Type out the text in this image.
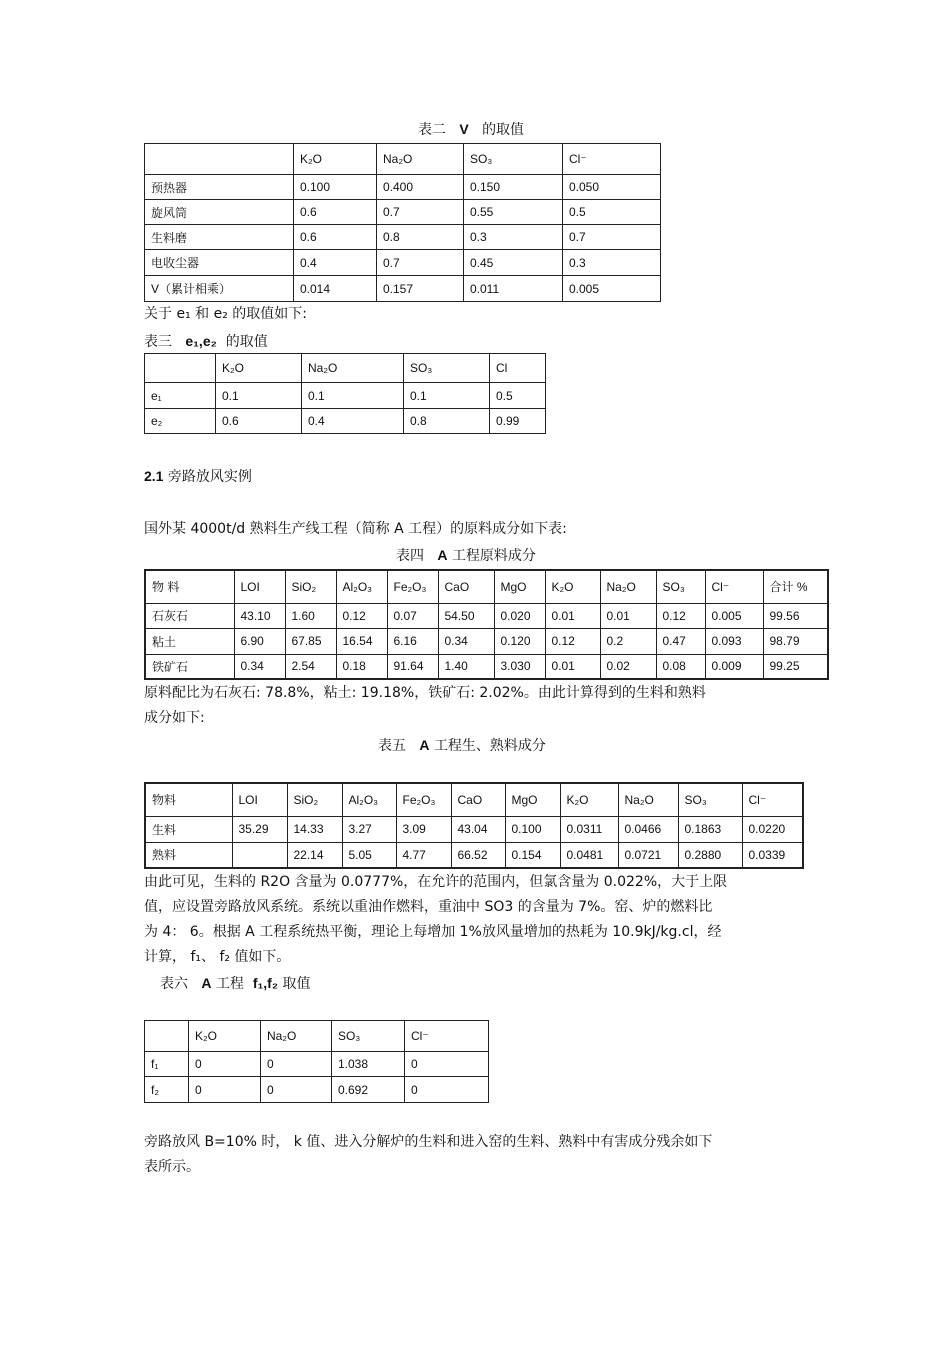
表二 V 的取值
	K₂O	Na₂O	SO₃	Cl⁻
预热器	0.100	0.400	0.150	0.050
旋风筒	0.6	0.7	0.55	0.5
生料磨	0.6	0.8	0.3	0.7
电收尘器	0.4	0.7	0.45	0.3
V（累计相乘）	0.014	0.157	0.011	0.005
关于 e₁ 和 e₂ 的取值如下:
表三 e₁,e₂ 的取值
	K₂O	Na₂O	SO₃	Cl
e₁	0.1	0.1	0.1	0.5
e₂	0.6	0.4	0.8	0.99
2.1 旁路放风实例
国外某 4000t/d 熟料生产线工程（简称 A 工程）的原料成分如下表:
表四 A 工程原料成分
物 料	LOI	SiO₂	Al₂O₃	Fe₂O₃	CaO	MgO	K₂O	Na₂O	SO₃	Cl⁻	合计 %
石灰石	43.10	1.60	0.12	0.07	54.50	0.020	0.01	0.01	0.12	0.005	99.56
粘土	6.90	67.85	16.54	6.16	0.34	0.120	0.12	0.2	0.47	0.093	98.79
铁矿石	0.34	2.54	0.18	91.64	1.40	3.030	0.01	0.02	0.08	0.009	99.25
原料配比为石灰石: 78.8%，粘土: 19.18%，铁矿石: 2.02%。由此计算得到的生料和熟料
成分如下:
表五 A 工程生、熟料成分
物料	LOI	SiO₂	Al₂O₃	Fe₂O₃	CaO	MgO	K₂O	Na₂O	SO₃	Cl⁻
生料	35.29	14.33	3.27	3.09	43.04	0.100	0.0311	0.0466	0.1863	0.0220
熟料		22.14	5.05	4.77	66.52	0.154	0.0481	0.0721	0.2880	0.0339
由此可见，生料的 R2O 含量为 0.0777%，在允许的范围内，但氯含量为 0.022%，大于上限
值，应设置旁路放风系统。系统以重油作燃料，重油中 SO3 的含量为 7%。窑、炉的燃料比
为 4： 6。根据 A 工程系统热平衡，理论上每增加 1%放风量增加的热耗为 10.9kJ/kg.cl，经
计算， f₁、 f₂ 值如下。
表六 A 工程 f₁,f₂ 取值
	K₂O	Na₂O	SO₃	Cl⁻
f₁	0	0	1.038	0
f₂	0	0	0.692	0
旁路放风 B=10% 时， k 值、进入分解炉的生料和进入窑的生料、熟料中有害成分残余如下
表所示。
